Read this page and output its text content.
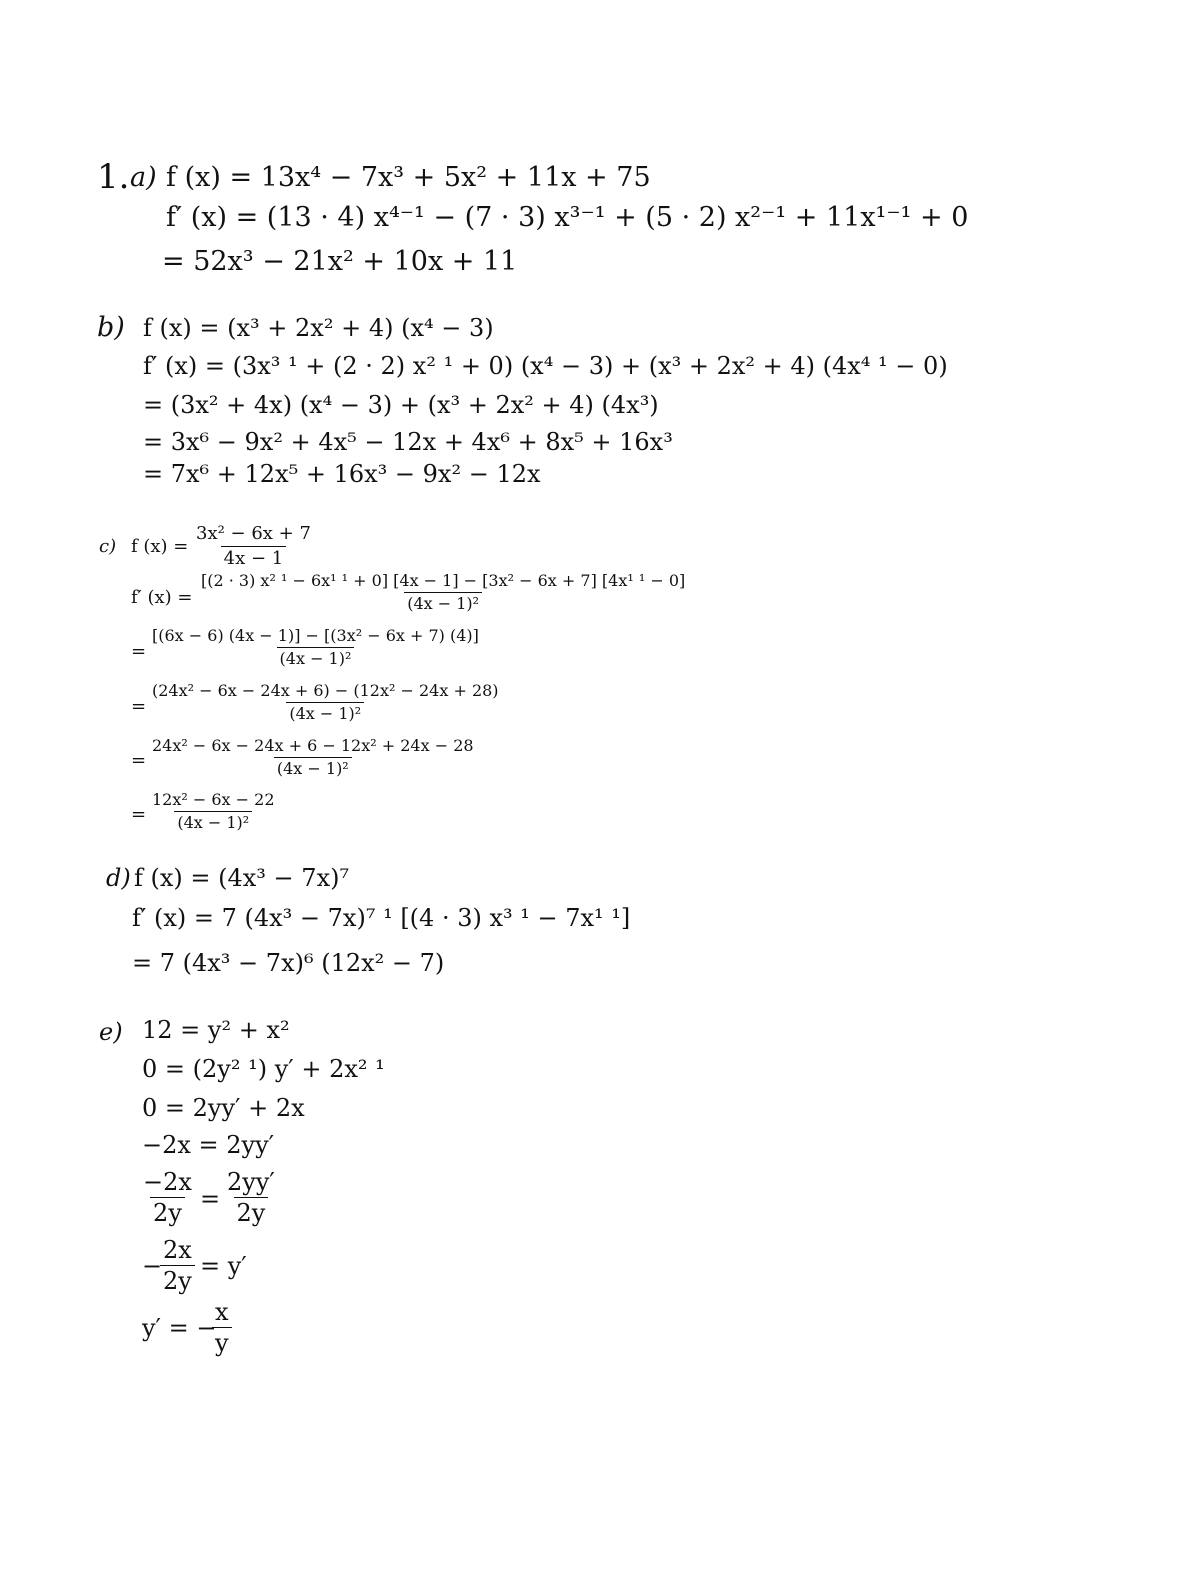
1. a) f (x) = 13x⁴ − 7x³ + 5x² + 11x + 75
f′ (x) = (13 · 4) x⁴⁻¹ − (7 · 3) x³⁻¹ + (5 · 2) x²⁻¹ + 11x¹⁻¹ + 0
= 52x³ − 21x² + 10x + 11
b) f (x) = (x³ + 2x² + 4) (x⁴ − 3)
f′ (x) = (3x³ ¹ + (2 · 2) x² ¹ + 0) (x⁴ − 3) + (x³ + 2x² + 4) (4x⁴ ¹ − 0)
= (3x² + 4x) (x⁴ − 3) + (x³ + 2x² + 4) (4x³)
= 3x⁶ − 9x² + 4x⁵ − 12x + 4x⁶ + 8x⁵ + 16x³
= 7x⁶ + 12x⁵ + 16x³ − 9x² − 12x
c) f $(x) = \frac{\text{3x² − 6x + 7}}{4x - 1}$
f′ (x) =
[(2 · 3) x² ¹ − 6x¹ ¹ + 0] [4x − 1] − [3x² − 6x + 7] [4x¹ ¹ − 0]
(4x − 1)²
= $\frac{\text{[(6x − 6) (4x − 1)] − [(3x² − 6x + 7) (4)]}}{\text{(4x − 1)²}}$
= $\frac{\text{(24x² − 6x − 24x + 6) − (12x² − 24x + 28)}}{\text{(4x − 1)²}}$
= $\frac{\text{24x² − 6x − 24x + 6 − 12x² + 24x − 28}}{\text{(4x − 1)²}}$
= $\frac{\text{12x² − 6x − 22}}{\text{(4x − 1)²}}$
d) f (x) = (4x³ − 7x)⁷
f′ (x) = 7 (4x³ − 7x)⁷ ¹ [(4 · 3) x³ ¹ − 7x¹ ¹]
= 7 (4x³ − 7x)⁶ (12x² − 7)
e) 12 = y² + x²
0 = (2y² ¹) y′ + 2x² ¹
0 = 2yy′ + 2x
−2x = 2yy′
$\frac{-2x}{2y} = \frac{2yy'}{2y}$
−
$\frac{2x}{2y} = y'$
y′ = −
$\frac{x}{y}$
